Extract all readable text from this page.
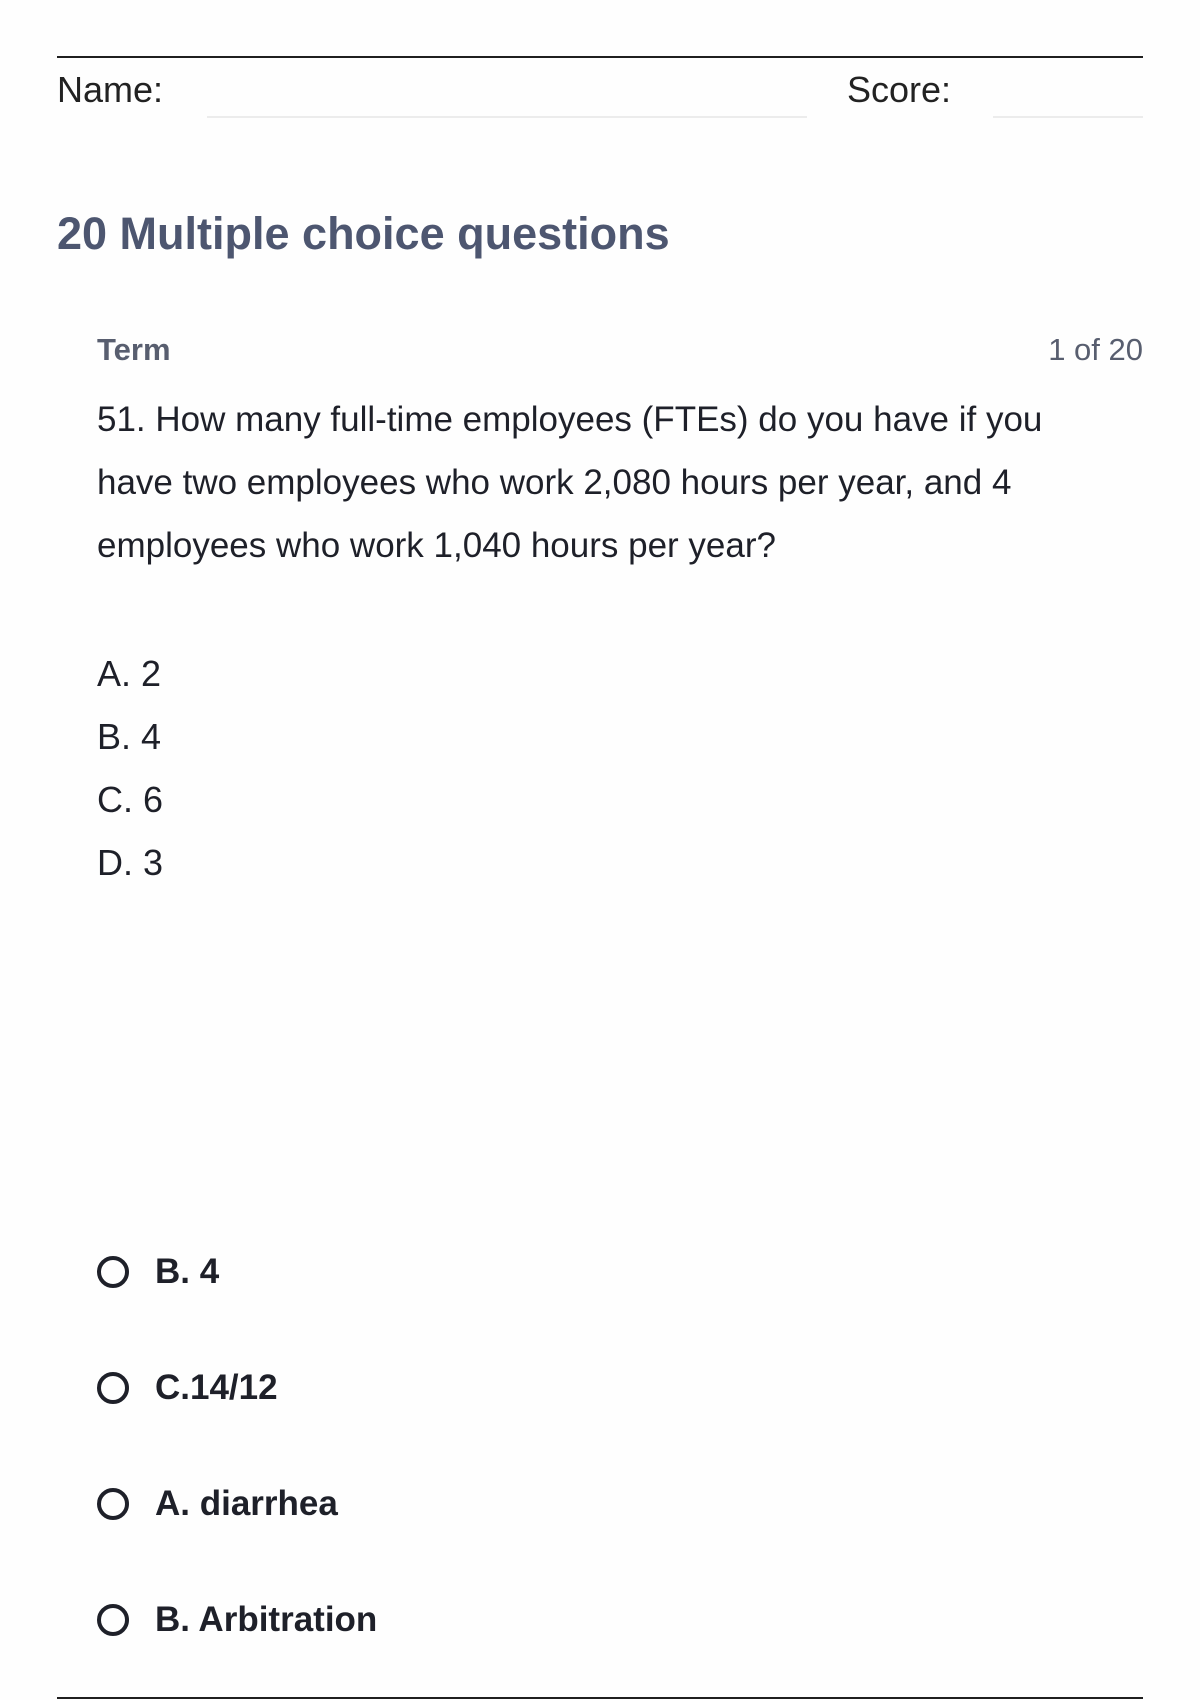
Name:	Score:
20 Multiple choice questions
Term	1 of 20

51. How many full-time employees (FTEs) do you have if you have two employees who work 2,080 hours per year, and 4 employees who work 1,040 hours per year?

A. 2
B. 4
C. 6
D. 3
B. 4
C.14/12
A. diarrhea
B. Arbitration
